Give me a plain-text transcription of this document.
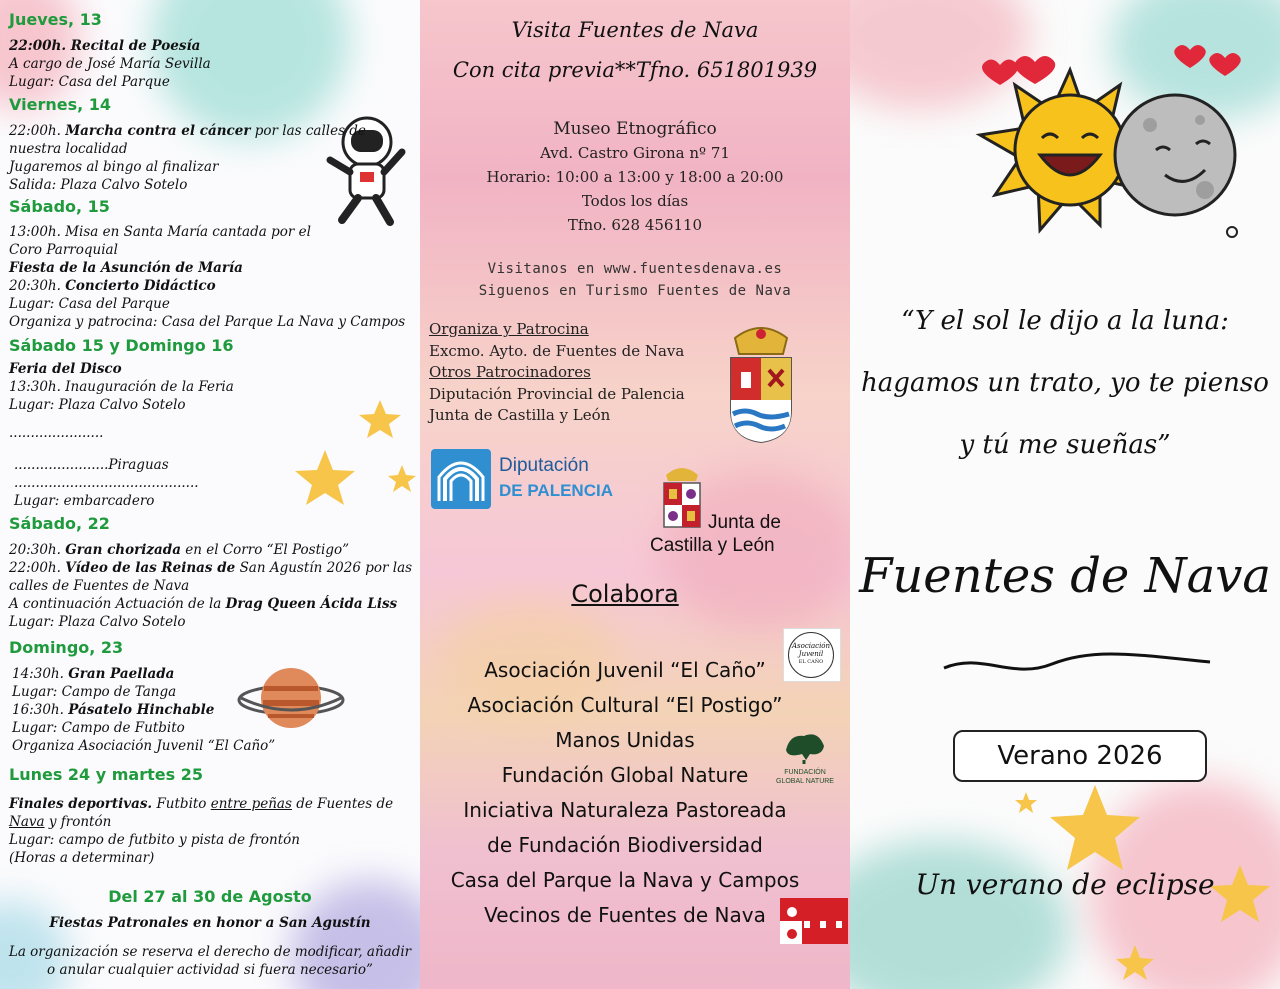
Jueves, 13
22:00h. Recital de Poesía
A cargo de José María Sevilla
Lugar: Casa del Parque
Viernes, 14
22:00h. Marcha contra el cáncer por las calles de
nuestra localidad
Jugaremos al bingo al finalizar
Salida: Plaza Calvo Sotelo
Sábado, 15
13:00h. Misa en Santa María cantada por el
Coro Parroquial
Fiesta de la Asunción de María
20:30h. Concierto Didáctico
Lugar: Casa del Parque
Organiza y patrocina: Casa del Parque La Nava y Campos
Sábado 15 y Domingo 16
Feria del Disco
13:30h. Inauguración de la Feria
Lugar: Plaza Calvo Sotelo
......................
......................Piraguas
...........................................
Lugar: embarcadero
Sábado, 22
20:30h. Gran chorizada en el Corro “El Postigo”
22:00h. Vídeo de las Reinas de San Agustín 2026 por las
calles de Fuentes de Nava
A continuación Actuación de la Drag Queen Ácida Liss
Lugar: Plaza Calvo Sotelo
Domingo, 23
14:30h. Gran Paellada
Lugar: Campo de Tanga
16:30h. Pásatelo Hinchable
Lugar: Campo de Futbito
Organiza Asociación Juvenil “El Caño”
Lunes 24 y martes 25
Finales deportivas. Futbito entre peñas de Fuentes de
Nava y frontón
Lugar: campo de futbito y pista de frontón
(Horas a determinar)
Del 27 al 30 de Agosto
Fiestas Patronales en honor a San Agustín
La organización se reserva el derecho de modificar, añadir
o anular cualquier actividad si fuera necesario”
Visita Fuentes de Nava
Con cita previa**Tfno. 651801939
Museo Etnográfico
Avd. Castro Girona nº 71
Horario: 10:00 a 13:00 y 18:00 a 20:00
Todos los días
Tfno. 628 456110
Visitanos en www.fuentesdenava.es
Siguenos en Turismo Fuentes de Nava
Organiza y Patrocina
Excmo. Ayto. de Fuentes de Nava
Otros Patrocinadores
Diputación Provincial de Palencia
Junta de Castilla y León
Diputación
DE PALENCIA
Junta de
Castilla y León
Colabora
Asociación Juvenil “El Caño”
Asociación Cultural “El Postigo”
Manos Unidas
Fundación Global Nature
Iniciativa Naturaleza Pastoreada
de Fundación Biodiversidad
Casa del Parque la Nava y Campos
Vecinos de Fuentes de Nava
Asociación
Juvenil
EL CAÑO
FUNDACIÓN
GLOBAL NATURE
“Y el sol le dijo a la luna:
hagamos un trato, yo te pienso
y tú me sueñas”
Fuentes de Nava
Un verano de eclipse
Verano 2026
